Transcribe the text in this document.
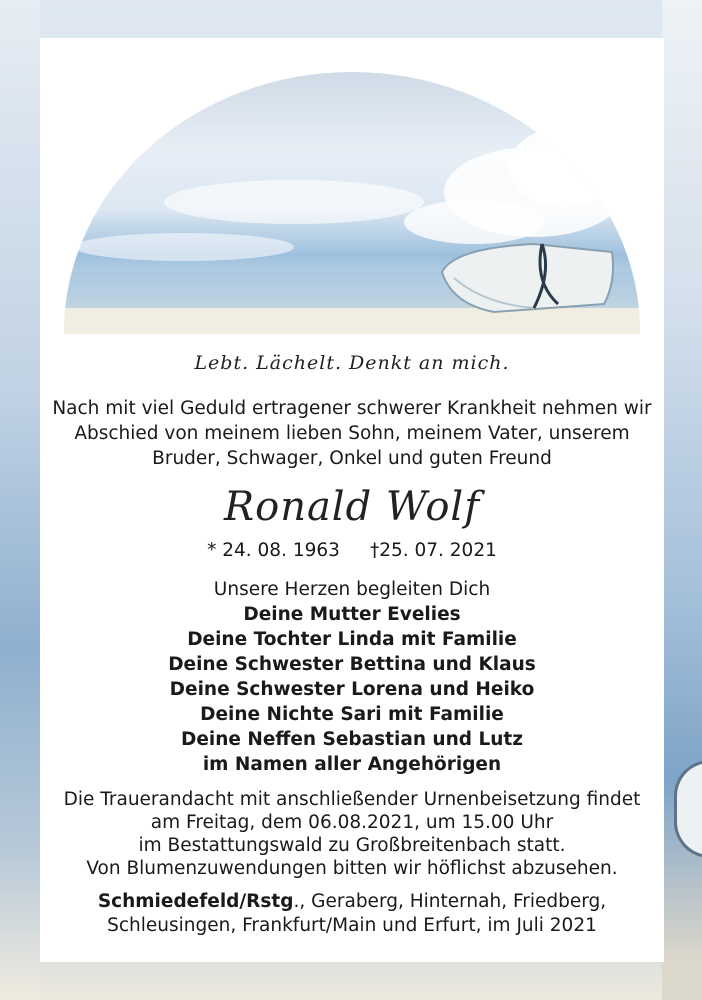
Lebt. Lächelt. Denkt an mich.
Nach mit viel Geduld ertragener schwerer Krankheit nehmen wir
Abschied von meinem lieben Sohn, meinem Vater, unserem
Bruder, Schwager, Onkel und guten Freund
Ronald Wolf
* 24. 08. 1963 †25. 07. 2021
Unsere Herzen begleiten Dich
Deine Mutter Evelies
Deine Tochter Linda mit Familie
Deine Schwester Bettina und Klaus
Deine Schwester Lorena und Heiko
Deine Nichte Sari mit Familie
Deine Neffen Sebastian und Lutz
im Namen aller Angehörigen
Die Trauerandacht mit anschließender Urnenbeisetzung findet
am Freitag, dem 06.08.2021, um 15.00 Uhr
im Bestattungswald zu Großbreitenbach statt.
Von Blumenzuwendungen bitten wir höflichst abzusehen.
Schmiedefeld/Rstg., Geraberg, Hinternah, Friedberg,
Schleusingen, Frankfurt/Main und Erfurt, im Juli 2021
